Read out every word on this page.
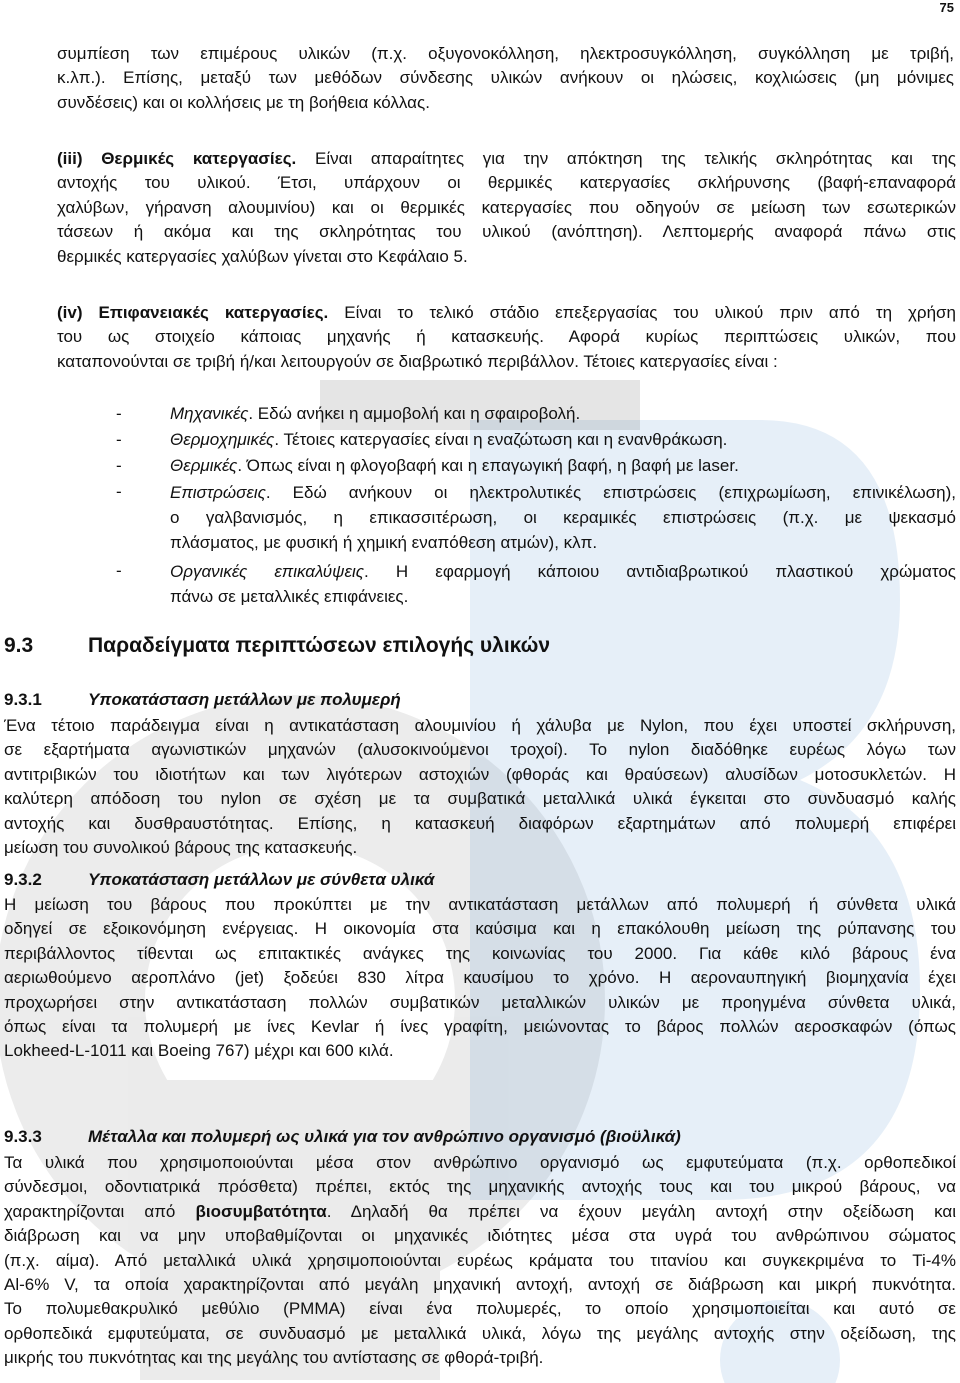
75

συμπίεση των επιμέρους υλικών (π.χ. οξυγονοκόλληση, ηλεκτροσυγκόλληση, συγκόλληση με τριβή,
κ.λπ.). Επίσης, μεταξύ των μεθόδων σύνδεσης υλικών ανήκουν οι ηλώσεις, κοχλιώσεις (μη μόνιμες
συνδέσεις) και οι κολλήσεις με τη βοήθεια κόλλας.

(iii) Θερμικές κατεργασίες. Είναι απαραίτητες για την απόκτηση της τελικής σκληρότητας και της
αντοχής του υλικού. Έτσι, υπάρχουν οι θερμικές κατεργασίες σκλήρυνσης (βαφή-επαναφορά
χαλύβων, γήρανση αλουμινίου) και οι θερμικές κατεργασίες που οδηγούν σε μείωση των εσωτερικών
τάσεων ή ακόμα και της σκληρότητας του υλικού (ανόπτηση). Λεπτομερής αναφορά πάνω στις
θερμικές κατεργασίες χαλύβων γίνεται στο Κεφάλαιο 5.

(iv) Επιφανειακές κατεργασίες. Είναι το τελικό στάδιο επεξεργασίας του υλικού πριν από τη χρήση
του ως στοιχείο κάποιας μηχανής ή κατασκευής. Αφορά κυρίως περιπτώσεις υλικών, που
καταπονούνται σε τριβή ή/και λειτουργούν σε διαβρωτικό περιβάλλον. Τέτοιες κατεργασίες είναι :

-	Μηχανικές. Εδώ ανήκει η αμμοβολή και η σφαιροβολή.

-	Θερμοχημικές. Τέτοιες κατεργασίες είναι η εναζώτωση και η ενανθράκωση.

-	Θερμικές. Όπως είναι η φλογοβαφή και η επαγωγική βαφή, η βαφή με laser.

-	Επιστρώσεις. Εδώ ανήκουν οι ηλεκτρολυτικές επιστρώσεις (επιχρωμίωση, επινικέλωση),
ο γαλβανισμός, η επικασσιτέρωση, οι κεραμικές επιστρώσεις (π.χ. με ψεκασμό
πλάσματος, με φυσική ή χημική εναπόθεση ατμών), κλπ.

-	Οργανικές επικαλύψεις. Η εφαρμογή κάποιου αντιδιαβρωτικού πλαστικού χρώματος
πάνω σε μεταλλικές επιφάνειες.

9.3	Παραδείγματα περιπτώσεων επιλογής υλικών
9.3.1	Υποκατάσταση μετάλλων με πολυμερή

Ένα τέτοιο παράδειγμα είναι η αντικατάσταση αλουμινίου ή χάλυβα με Nylon, που έχει υποστεί σκλήρυνση,
σε εξαρτήματα αγωνιστικών μηχανών (αλυσοκινούμενοι τροχοί). Το nylon διαδόθηκε ευρέως λόγω των
αντιτριβικών του ιδιοτήτων και των λιγότερων αστοχιών (φθοράς και θραύσεων) αλυσίδων μοτοσυκλετών. Η
καλύτερη απόδοση του nylon σε σχέση με τα συμβατικά μεταλλικά υλικά έγκειται στο συνδυασμό καλής
αντοχής και δυσθραυστότητας. Επίσης, η κατασκευή διαφόρων εξαρτημάτων από πολυμερή επιφέρει
μείωση του συνολικού βάρους της κατασκευής.

9.3.2	Υποκατάσταση μετάλλων με σύνθετα υλικά

Η μείωση του βάρους που προκύπτει με την αντικατάσταση μετάλλων από πολυμερή ή σύνθετα υλικά
οδηγεί σε εξοικονόμηση ενέργειας. Η οικονομία στα καύσιμα και η επακόλουθη μείωση της ρύπανσης του
περιβάλλοντος τίθενται ως επιτακτικές ανάγκες της κοινωνίας του 2000. Για κάθε κιλό βάρους ένα
αεριωθούμενο αεροπλάνο (jet) ξοδεύει 830 λίτρα καυσίμου το χρόνο. Η αεροναυπηγική βιομηχανία έχει
προχωρήσει στην αντικατάσταση πολλών συμβατικών μεταλλικών υλικών με προηγμένα σύνθετα υλικά,
όπως είναι τα πολυμερή με ίνες Kevlar ή ίνες γραφίτη, μειώνοντας το βάρος πολλών αεροσκαφών (όπως
Lokheed-L-1011 και Boeing 767) μέχρι και 600 κιλά.

9.3.3	Μέταλλα και πολυμερή ως υλικά για τον ανθρώπινο οργανισμό (βιοϋλικά)

Τα υλικά που χρησιμοποιούνται μέσα στον ανθρώπινο οργανισμό ως εμφυτεύματα (π.χ. ορθοπεδικοί
σύνδεσμοι, οδοντιατρικά πρόσθετα) πρέπει, εκτός της μηχανικής αντοχής τους και του μικρού βάρους, να
χαρακτηρίζονται από βιοσυμβατότητα. Δηλαδή θα πρέπει να έχουν μεγάλη αντοχή στην οξείδωση και
διάβρωση και να μην υποβαθμίζονται οι μηχανικές ιδιότητες μέσα στα υγρά του ανθρώπινου σώματος
(π.χ. αίμα). Από μεταλλικά υλικά χρησιμοποιούνται ευρέως κράματα του τιτανίου και συγκεκριμένα το Ti-4%
Al-6% V, τα οποία χαρακτηρίζονται από μεγάλη μηχανική αντοχή, αντοχή σε διάβρωση και μικρή πυκνότητα.
Το πολυμεθακρυλικό μεθύλιο (PMMA) είναι ένα πολυμερές, το οποίο χρησιμοποιείται και αυτό σε
ορθοπεδικά εμφυτεύματα, σε συνδυασμό με μεταλλικά υλικά, λόγω της μεγάλης αντοχής στην οξείδωση, της
μικρής του πυκνότητας και της μεγάλης του αντίστασης σε φθορά-τριβή.
